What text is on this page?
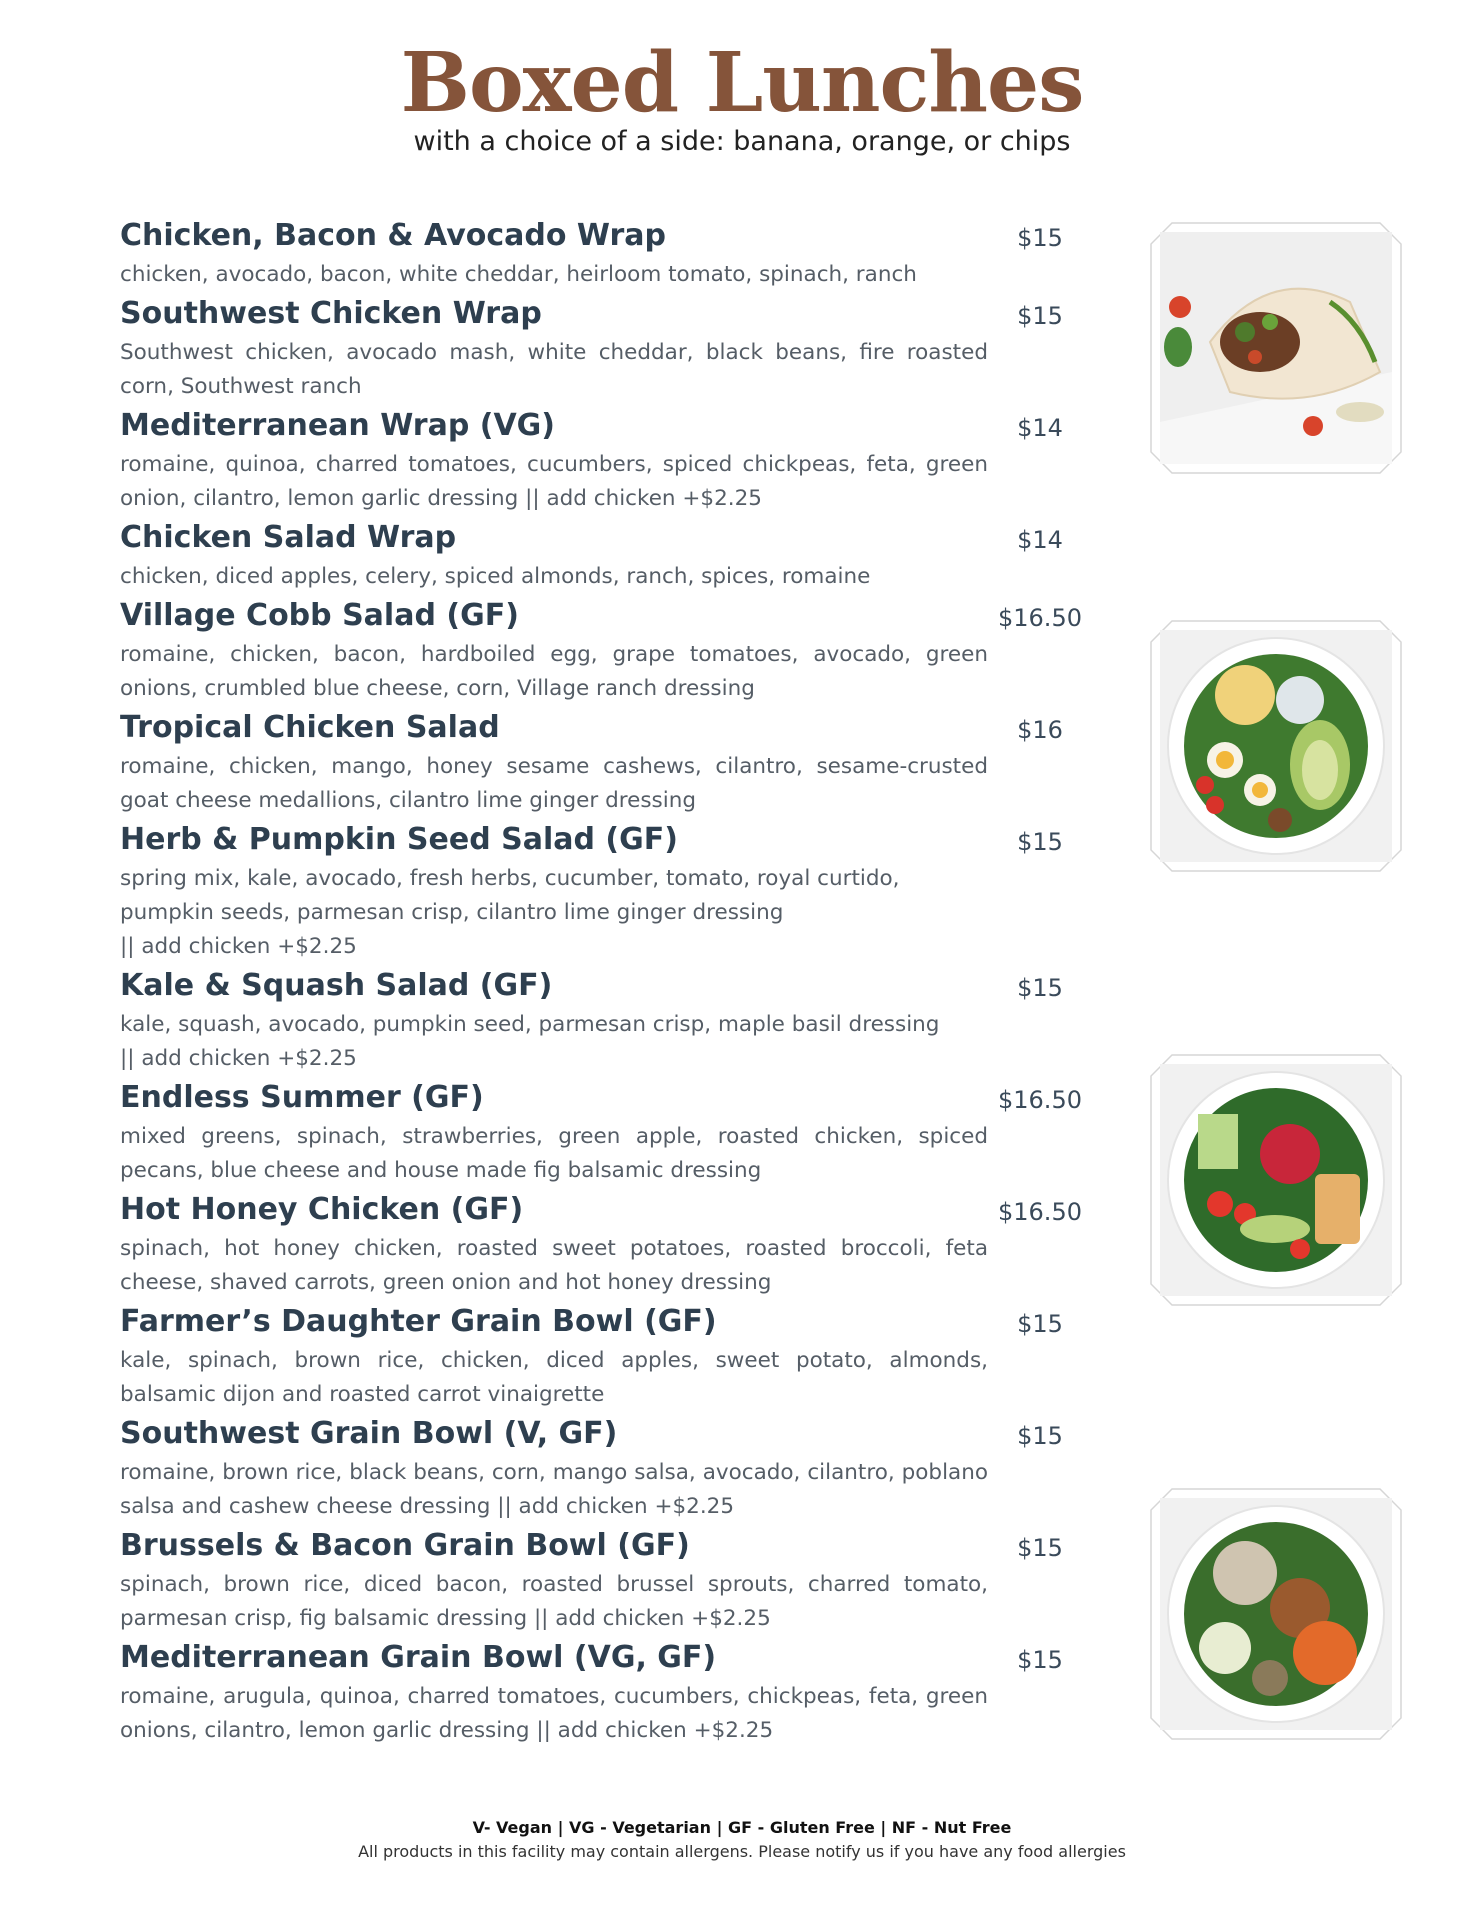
Boxed Lunches
with a choice of a side: banana, orange, or chips
Chicken, Bacon & Avocado Wrap	$15
chicken, avocado, bacon, white cheddar, heirloom tomato, spinach, ranch
Southwest Chicken Wrap	$15
Southwest chicken, avocado mash, white cheddar, black beans, fire roasted corn, Southwest ranch
Mediterranean Wrap (VG)	$14
romaine, quinoa, charred tomatoes, cucumbers, spiced chickpeas, feta, green onion, cilantro, lemon garlic dressing || add chicken +$2.25
Chicken Salad Wrap	$14
chicken, diced apples, celery, spiced almonds, ranch, spices, romaine
Village Cobb Salad (GF)	$16.50
romaine, chicken, bacon, hardboiled egg, grape tomatoes, avocado, green onions, crumbled blue cheese, corn, Village ranch dressing
Tropical Chicken Salad	$16
romaine, chicken, mango, honey sesame cashews, cilantro, sesame-crusted goat cheese medallions, cilantro lime ginger dressing
Herb & Pumpkin Seed Salad (GF)	$15
spring mix, kale, avocado, fresh herbs, cucumber, tomato, royal curtido,
pumpkin seeds, parmesan crisp, cilantro lime ginger dressing
|| add chicken +$2.25
Kale & Squash Salad (GF)	$15
kale, squash, avocado, pumpkin seed, parmesan crisp, maple basil dressing
|| add chicken +$2.25
Endless Summer (GF)	$16.50
mixed greens, spinach, strawberries, green apple, roasted chicken, spiced pecans, blue cheese and house made fig balsamic dressing
Hot Honey Chicken (GF)	$16.50
spinach, hot honey chicken, roasted sweet potatoes, roasted broccoli, feta cheese, shaved carrots, green onion and hot honey dressing
Farmer’s Daughter Grain Bowl (GF)	$15
kale, spinach, brown rice, chicken, diced apples, sweet potato, almonds, balsamic dijon and roasted carrot vinaigrette
Southwest Grain Bowl (V, GF)	$15
romaine, brown rice, black beans, corn, mango salsa, avocado, cilantro, poblano salsa and cashew cheese dressing || add chicken +$2.25
Brussels & Bacon Grain Bowl (GF)	$15
spinach, brown rice, diced bacon, roasted brussel sprouts, charred tomato, parmesan crisp, fig balsamic dressing || add chicken +$2.25
Mediterranean Grain Bowl (VG, GF)	$15
romaine, arugula, quinoa, charred tomatoes, cucumbers, chickpeas, feta, green onions, cilantro, lemon garlic dressing || add chicken +$2.25
V- Vegan | VG - Vegetarian | GF - Gluten Free | NF - Nut Free
All products in this facility may contain allergens. Please notify us if you have any food allergies
